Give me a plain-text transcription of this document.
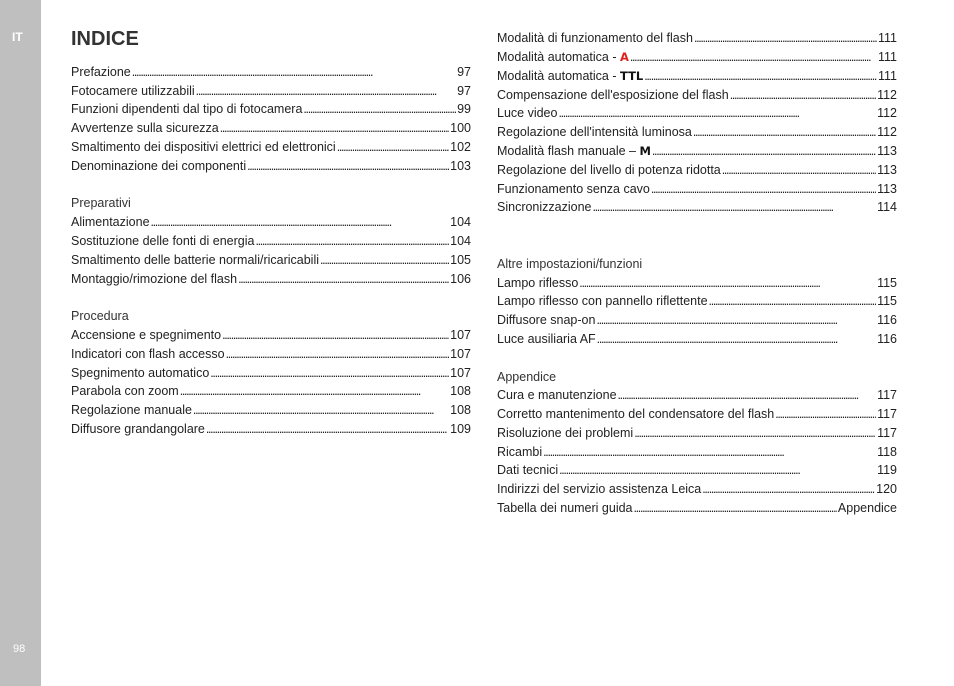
IT
98
INDICE
Prefazione . . .	97
Fotocamere utilizzabili . . .	97
Funzioni dipendenti dal tipo di fotocamera . . .	99
Avvertenze sulla sicurezza . . .	100
Smaltimento dei dispositivi elettrici ed elettronici . . .	102
Denominazione dei componenti . . .	103
Preparativi
Alimentazione . . .	104
Sostituzione delle fonti di energia . . .	104
Smaltimento delle batterie normali/ricaricabili . . .	105
Montaggio/rimozione del flash . . .	106
Procedura
Accensione e spegnimento . . .	107
Indicatori con flash accesso . . .	107
Spegnimento automatico . . .	107
Parabola con zoom . . .	108
Regolazione manuale . . .	108
Diffusore grandangolare . . .	109
Modalità di funzionamento del flash . . .	111
Modalità automatica - A . . .	111
Modalità automatica - TTL . . .	111
Compensazione dell'esposizione del flash . . .	112
Luce video . . .	112
Regolazione dell'intensità luminosa . . .	112
Modalità flash manuale – M . . .	113
Regolazione del livello di potenza ridotta . . .	113
Funzionamento senza cavo . . .	113
Sincronizzazione . . .	114
Altre impostazioni/funzioni
Lampo riflesso . . .	115
Lampo riflesso con pannello riflettente . . .	115
Diffusore snap-on . . .	116
Luce ausiliaria AF . . .	116
Appendice
Cura e manutenzione . . .	117
Corretto mantenimento del condensatore del flash . . .	117
Risoluzione dei problemi . . .	117
Ricambi . . .	118
Dati tecnici . . .	119
Indirizzi del servizio assistenza Leica . . .	120
Tabella dei numeri guida . . .	Appendice
